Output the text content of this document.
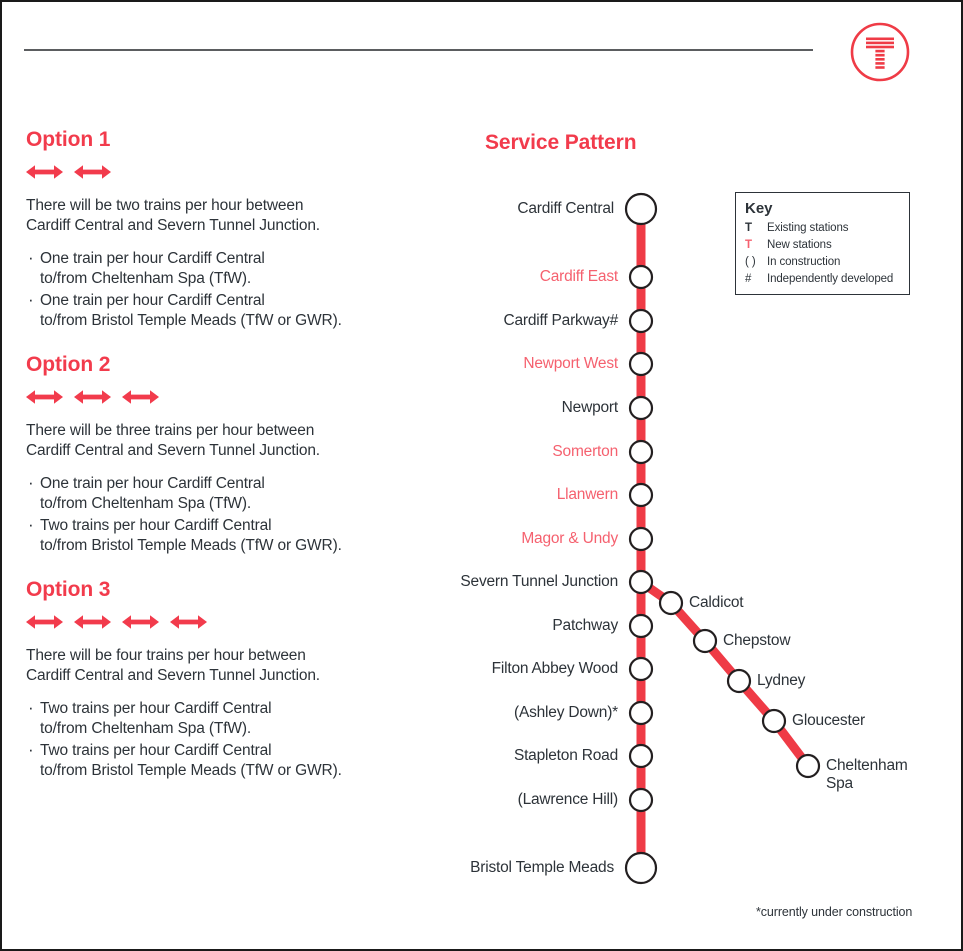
Option 1

There will be two trains per hour between
Cardiff Central and Severn Tunnel Junction.

· One train per hour Cardiff Central
to/from Cheltenham Spa (TfW).
· One train per hour Cardiff Central
to/from Bristol Temple Meads (TfW or GWR).
Option 2

There will be three trains per hour between
Cardiff Central and Severn Tunnel Junction.

· One train per hour Cardiff Central
to/from Cheltenham Spa (TfW).
· Two trains per hour Cardiff Central
to/from Bristol Temple Meads (TfW or GWR).
Option 3

There will be four trains per hour between
Cardiff Central and Severn Tunnel Junction.

· Two trains per hour Cardiff Central
to/from Cheltenham Spa (TfW).
· Two trains per hour Cardiff Central
to/from Bristol Temple Meads (TfW or GWR).
Service Pattern
Cardiff Central
Cardiff East
Cardiff Parkway#
Newport West
Newport
Somerton
Llanwern
Magor & Undy
Severn Tunnel Junction
Patchway
Filton Abbey Wood
(Ashley Down)*
Stapleton Road
(Lawrence Hill)
Bristol Temple Meads
Caldicot
Chepstow
Lydney
Gloucester
Cheltenham
Spa
Key
T	Existing stations
T	New stations
( ) In construction
#	Independently developed
*currently under construction
